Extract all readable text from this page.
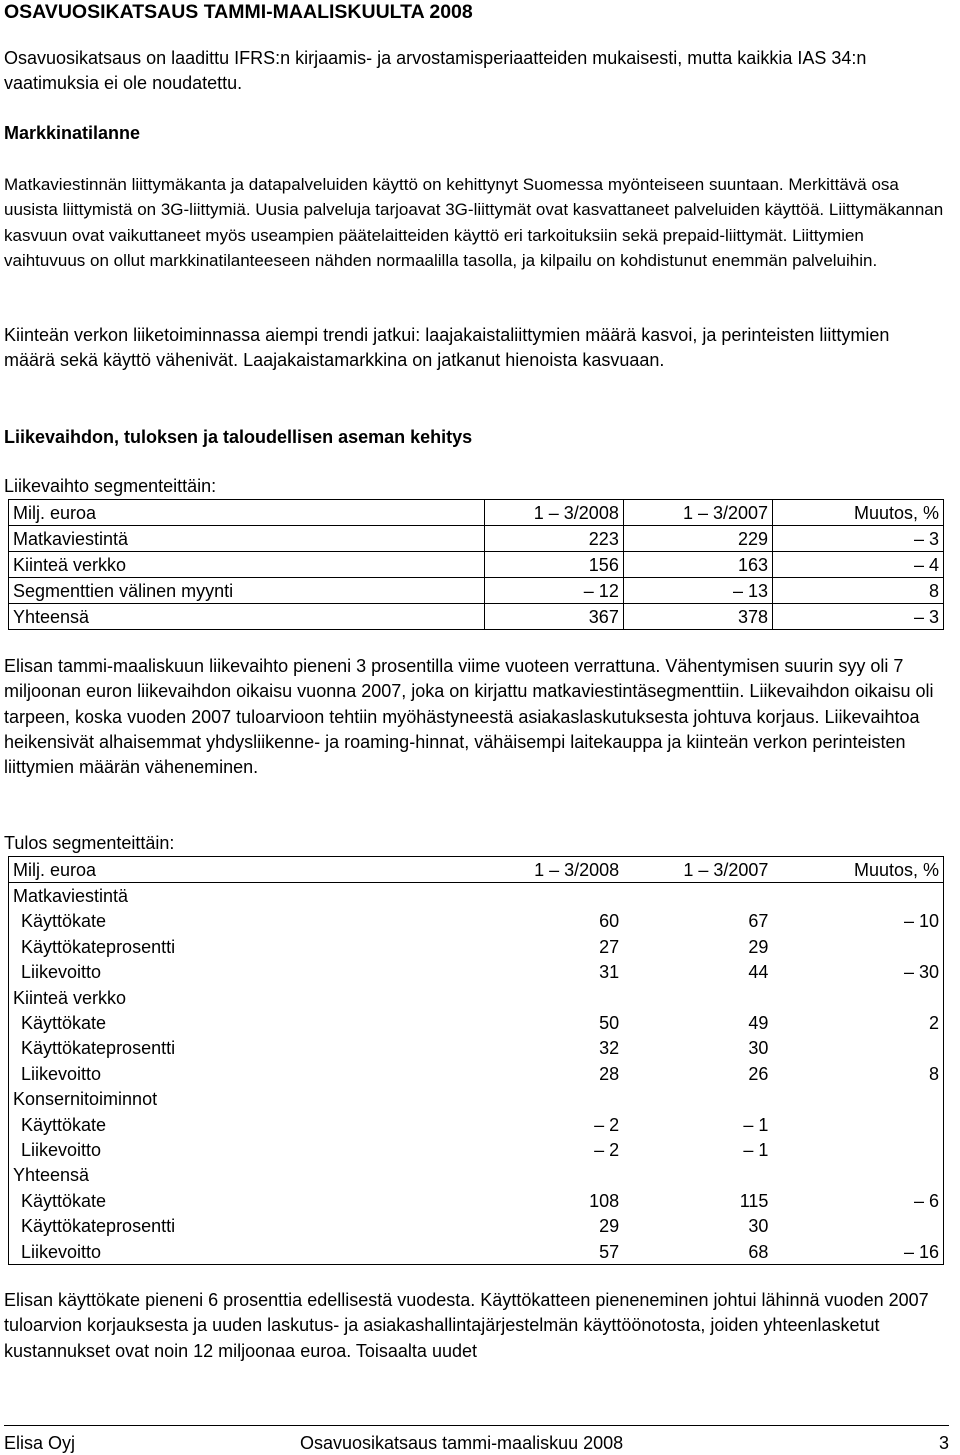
OSAVUOSIKATSAUS TAMMI-MAALISKUULTA 2008

Osavuosikatsaus on laadittu IFRS:n kirjaamis- ja arvostamisperiaatteiden mukaisesti, mutta kaikkia IAS 34:n vaatimuksia ei ole noudatettu.

Markkinatilanne

Matkaviestinnän liittymäkanta ja datapalveluiden käyttö on kehittynyt Suomessa myönteiseen suuntaan. Merkittävä osa uusista liittymistä on 3G-liittymiä. Uusia palveluja tarjoavat 3G-liittymät ovat kasvattaneet palveluiden käyttöä. Liittymäkannan kasvuun ovat vaikuttaneet myös useampien päätelaitteiden käyttö eri tarkoituksiin sekä prepaid-liittymät. Liittymien vaihtuvuus on ollut markkinatilanteeseen nähden normaalilla tasolla, ja kilpailu on kohdistunut enemmän palveluihin.

Kiinteän verkon liiketoiminnassa aiempi trendi jatkui: laajakaistaliittymien määrä kasvoi, ja perinteisten liittymien määrä sekä käyttö vähenivät. Laajakaistamarkkina on jatkanut hienoista kasvuaan.

Liikevaihdon, tuloksen ja taloudellisen aseman kehitys

Liikevaihto segmenteittäin:

Milj. euroa	1 – 3/2008	1 – 3/2007	Muutos, %
Matkaviestintä	223	229	– 3
Kiinteä verkko	156	163	– 4
Segmenttien välinen myynti	– 12	– 13	8
Yhteensä	367	378	– 3

Elisan tammi-maaliskuun liikevaihto pieneni 3 prosentilla viime vuoteen verrattuna. Vähentymisen suurin syy oli 7 miljoonan euron liikevaihdon oikaisu vuonna 2007, joka on kirjattu matkaviestintäsegmenttiin. Liikevaihdon oikaisu oli tarpeen, koska vuoden 2007 tuloarvioon tehtiin myöhästyneestä asiakaslaskutuksesta johtuva korjaus. Liikevaihtoa heikensivät alhaisemmat yhdysliikenne- ja roaming-hinnat, vähäisempi laitekauppa ja kiinteän verkon perinteisten liittymien määrän väheneminen.

Tulos segmenteittäin:

Milj. euroa	1 – 3/2008	1 – 3/2007	Muutos, %
Matkaviestintä			
Käyttökate	60	67	– 10
Käyttökateprosentti	27	29	
Liikevoitto	31	44	– 30
Kiinteä verkko			
Käyttökate	50	49	2
Käyttökateprosentti	32	30	
Liikevoitto	28	26	8
Konsernitoiminnot			
Käyttökate	– 2	– 1	
Liikevoitto	– 2	– 1	
Yhteensä			
Käyttökate	108	115	– 6
Käyttökateprosentti	29	30	
Liikevoitto	57	68	– 16

Elisan käyttökate pieneni 6 prosenttia edellisestä vuodesta. Käyttökatteen pieneneminen johtui lähinnä vuoden 2007 tuloarvion korjauksesta ja uuden laskutus- ja asiakashallintajärjestelmän käyttöönotosta, joiden yhteenlasketut kustannukset ovat noin 12 miljoonaa euroa. Toisaalta uudet

Elisa Oyj	Osavuosikatsaus tammi-maaliskuu 2008	3
